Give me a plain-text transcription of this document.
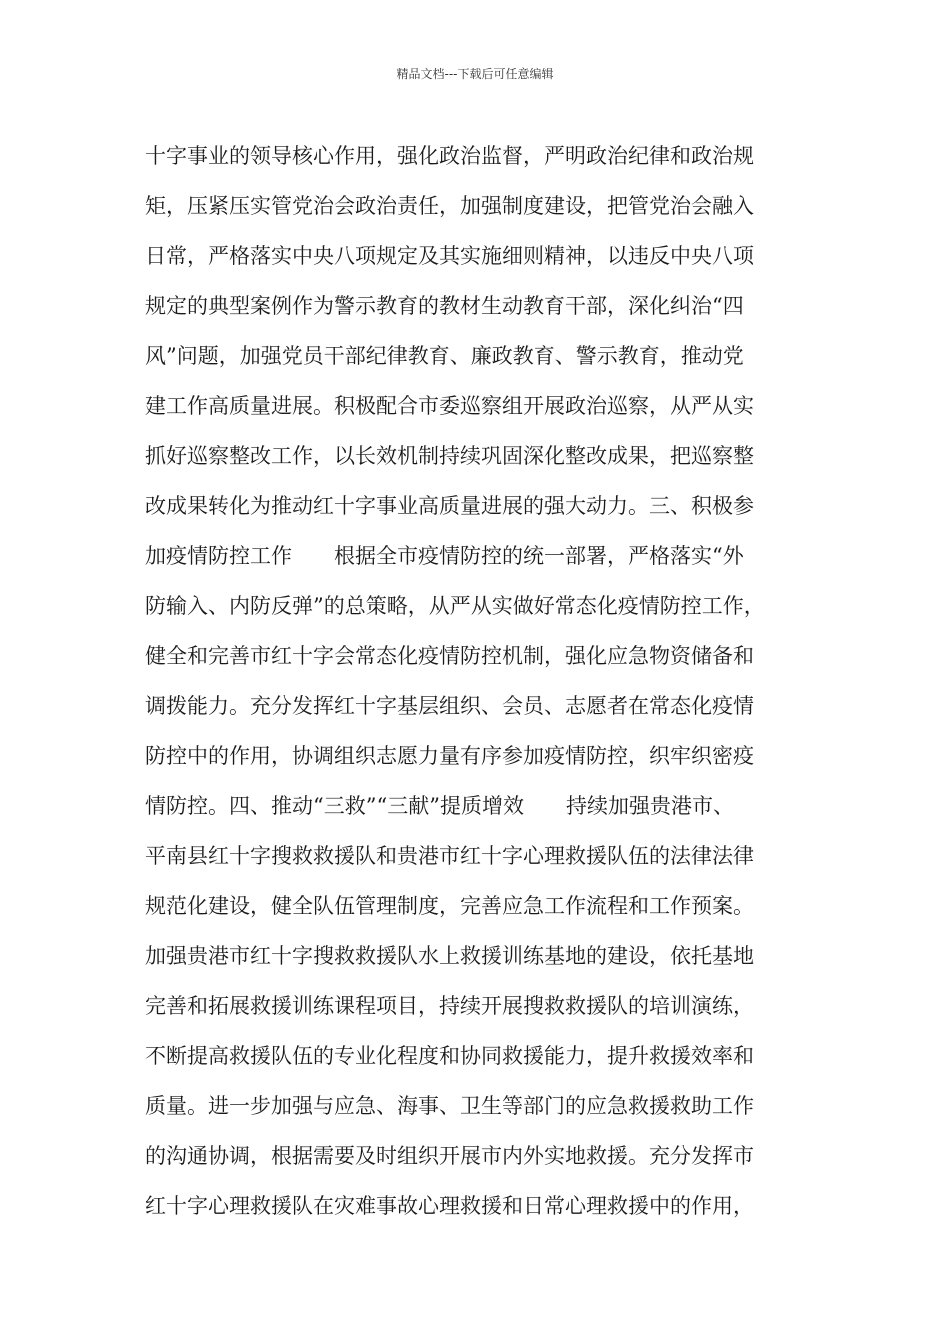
精品文档---下载后可任意编辑
十字事业的领导核心作用，强化政治监督，严明政治纪律和政治规
矩，压紧压实管党治会政治责任，加强制度建设，把管党治会融入
日常，严格落实中央八项规定及其实施细则精神，以违反中央八项
规定的典型案例作为警示教育的教材生动教育干部，深化纠治“四
风”问题，加强党员干部纪律教育、廉政教育、警示教育，推动党
建工作高质量进展。积极配合市委巡察组开展政治巡察，从严从实
抓好巡察整改工作，以长效机制持续巩固深化整改成果，把巡察整
改成果转化为推动红十字事业高质量进展的强大动力。三、积极参
加疫情防控工作　　根据全市疫情防控的统一部署，严格落实“外
防输入、内防反弹”的总策略，从严从实做好常态化疫情防控工作，
健全和完善市红十字会常态化疫情防控机制，强化应急物资储备和
调拨能力。充分发挥红十字基层组织、会员、志愿者在常态化疫情
防控中的作用，协调组织志愿力量有序参加疫情防控，织牢织密疫
情防控。四、推动“三救”“三献”提质增效　　持续加强贵港市、
平南县红十字搜救救援队和贵港市红十字心理救援队伍的法律法律
规范化建设，健全队伍管理制度，完善应急工作流程和工作预案。
加强贵港市红十字搜救救援队水上救援训练基地的建设，依托基地
完善和拓展救援训练课程项目，持续开展搜救救援队的培训演练，
不断提高救援队伍的专业化程度和协同救援能力，提升救援效率和
质量。进一步加强与应急、海事、卫生等部门的应急救援救助工作
的沟通协调，根据需要及时组织开展市内外实地救援。充分发挥市
红十字心理救援队在灾难事故心理救援和日常心理救援中的作用，
